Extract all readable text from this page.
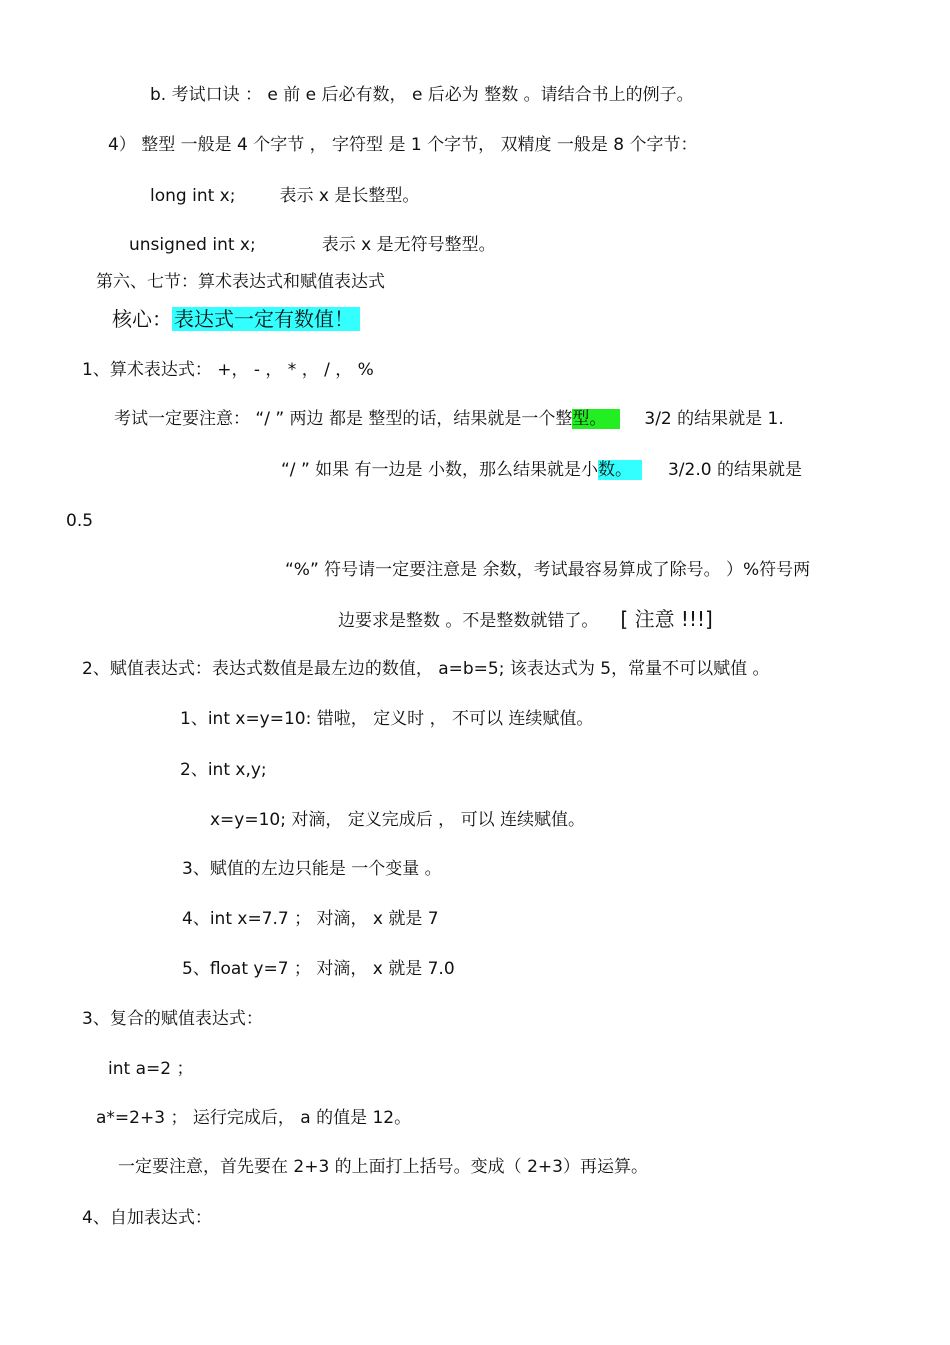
b. 考试口诀 ： e 前 e 后必有数， e 后必为 整数 。请结合书上的例子。
4） 整型 一般是 4 个字节 ， 字符型 是 1 个字节， 双精度 一般是 8 个字节：
long int x;	表示 x 是长整型。
unsigned int x;	表示 x 是无符号整型。
第六、七节：算术表达式和赋值表达式
核心： 表达式一定有数值！
1、算术表达式： +， - ， * ， / ， %
考试一定要注意： “/ ” 两边 都是 整型的话，结果就是一个整型。 3/2 的结果就是 1.
“/ ” 如果 有一边是 小数，那么结果就是小数。 3/2.0 的结果就是
0.5
“%” 符号请一定要注意是 余数，考试最容易算成了除号。 ）%符号两
边要求是整数 。不是整数就错了。 [ 注意 !!!]
2、赋值表达式：表达式数值是最左边的数值， a=b=5; 该表达式为 5，常量不可以赋值 。
1、int x=y=10: 错啦， 定义时 ， 不可以 连续赋值。
2、int x,y;
x=y=10; 对滴， 定义完成后 ， 可以 连续赋值。
3、赋值的左边只能是 一个变量 。
4、int x=7.7 ； 对滴， x 就是 7
5、float y=7 ； 对滴， x 就是 7.0
3、复合的赋值表达式：
int a=2 ；
a*=2+3 ； 运行完成后， a 的值是 12。
一定要注意，首先要在 2+3 的上面打上括号。变成（ 2+3）再运算。
4、自加表达式：
